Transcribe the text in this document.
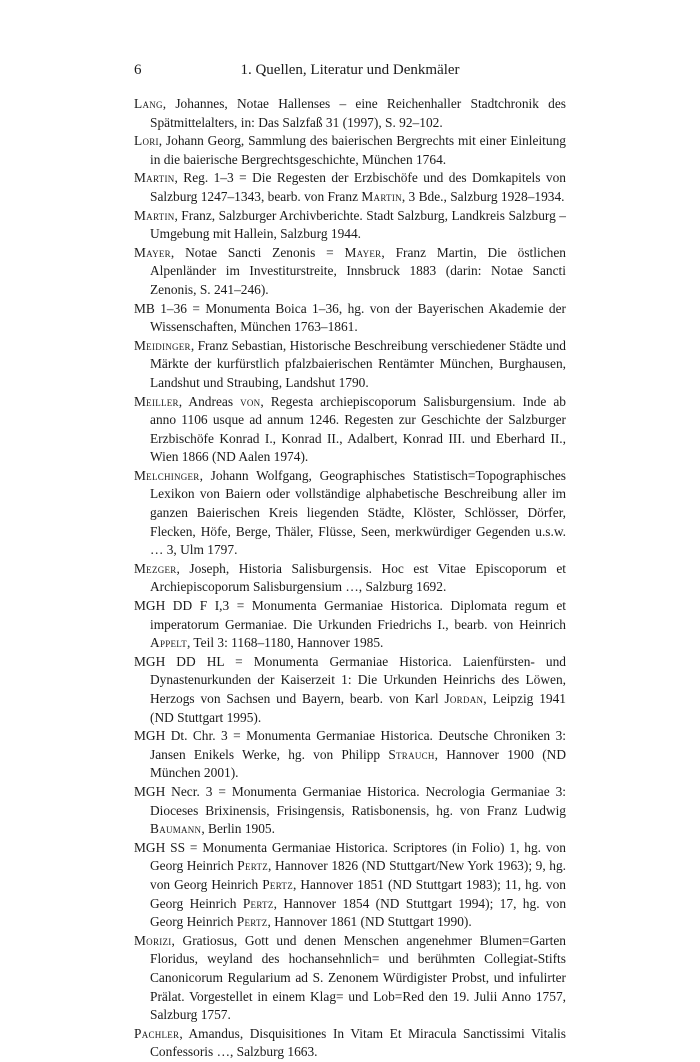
6	1. Quellen, Literatur und Denkmäler

Lang, Johannes, Notae Hallenses – eine Reichenhaller Stadtchronik des Spätmittelalters, in: Das Salzfaß 31 (1997), S. 92–102.

Lori, Johann Georg, Sammlung des baierischen Bergrechts mit einer Einleitung in die baierische Bergrechtsgeschichte, München 1764.

Martin, Reg. 1–3 = Die Regesten der Erzbischöfe und des Domkapitels von Salzburg 1247–1343, bearb. von Franz Martin, 3 Bde., Salzburg 1928–1934.

Martin, Franz, Salzburger Archivberichte. Stadt Salzburg, Landkreis Salzburg – Umgebung mit Hallein, Salzburg 1944.

Mayer, Notae Sancti Zenonis = Mayer, Franz Martin, Die östlichen Alpenländer im Investiturstreite, Innsbruck 1883 (darin: Notae Sancti Zenonis, S. 241–246).

MB 1–36 = Monumenta Boica 1–36, hg. von der Bayerischen Akademie der Wissenschaften, München 1763–1861.

Meidinger, Franz Sebastian, Historische Beschreibung verschiedener Städte und Märkte der kurfürstlich pfalzbaierischen Rentämter München, Burghausen, Landshut und Straubing, Landshut 1790.

Meiller, Andreas von, Regesta archiepiscoporum Salisburgensium. Inde ab anno 1106 usque ad annum 1246. Regesten zur Geschichte der Salzburger Erzbischöfe Konrad I., Konrad II., Adalbert, Konrad III. und Eberhard II., Wien 1866 (ND Aalen 1974).

Melchinger, Johann Wolfgang, Geographisches Statistisch=Topographisches Lexikon von Baiern oder vollständige alphabetische Beschreibung aller im ganzen Baierischen Kreis liegenden Städte, Klöster, Schlösser, Dörfer, Flecken, Höfe, Berge, Thäler, Flüsse, Seen, merkwürdiger Gegenden u.s.w. … 3, Ulm 1797.

Mezger, Joseph, Historia Salisburgensis. Hoc est Vitae Episcoporum et Archiepiscoporum Salisburgensium …, Salzburg 1692.

MGH DD F I,3 = Monumenta Germaniae Historica. Diplomata regum et imperatorum Germaniae. Die Urkunden Friedrichs I., bearb. von Heinrich Appelt, Teil 3: 1168–1180, Hannover 1985.

MGH DD HL = Monumenta Germaniae Historica. Laienfürsten- und Dynastenurkunden der Kaiserzeit 1: Die Urkunden Heinrichs des Löwen, Herzogs von Sachsen und Bayern, bearb. von Karl Jordan, Leipzig 1941 (ND Stuttgart 1995).

MGH Dt. Chr. 3 = Monumenta Germaniae Historica. Deutsche Chroniken 3: Jansen Enikels Werke, hg. von Philipp Strauch, Hannover 1900 (ND München 2001).

MGH Necr. 3 = Monumenta Germaniae Historica. Necrologia Germaniae 3: Dioceses Brixinensis, Frisingensis, Ratisbonensis, hg. von Franz Ludwig Baumann, Berlin 1905.

MGH SS = Monumenta Germaniae Historica. Scriptores (in Folio) 1, hg. von Georg Heinrich Pertz, Hannover 1826 (ND Stuttgart/New York 1963); 9, hg. von Georg Heinrich Pertz, Hannover 1851 (ND Stuttgart 1983); 11, hg. von Georg Heinrich Pertz, Hannover 1854 (ND Stuttgart 1994); 17, hg. von Georg Heinrich Pertz, Hannover 1861 (ND Stuttgart 1990).

Morizi, Gratiosus, Gott und denen Menschen angenehmer Blumen=Garten Floridus, weyland des hochansehnlich= und berühmten Collegiat-Stifts Canonicorum Regularium ad S. Zenonem Würdigister Probst, und infulirter Prälat. Vorgestellet in einem Klag= und Lob=Red den 19. Julii Anno 1757, Salzburg 1757.

Pachler, Amandus, Disquisitiones In Vitam Et Miracula Sanctissimi Vitalis Confessoris …, Salzburg 1663.
